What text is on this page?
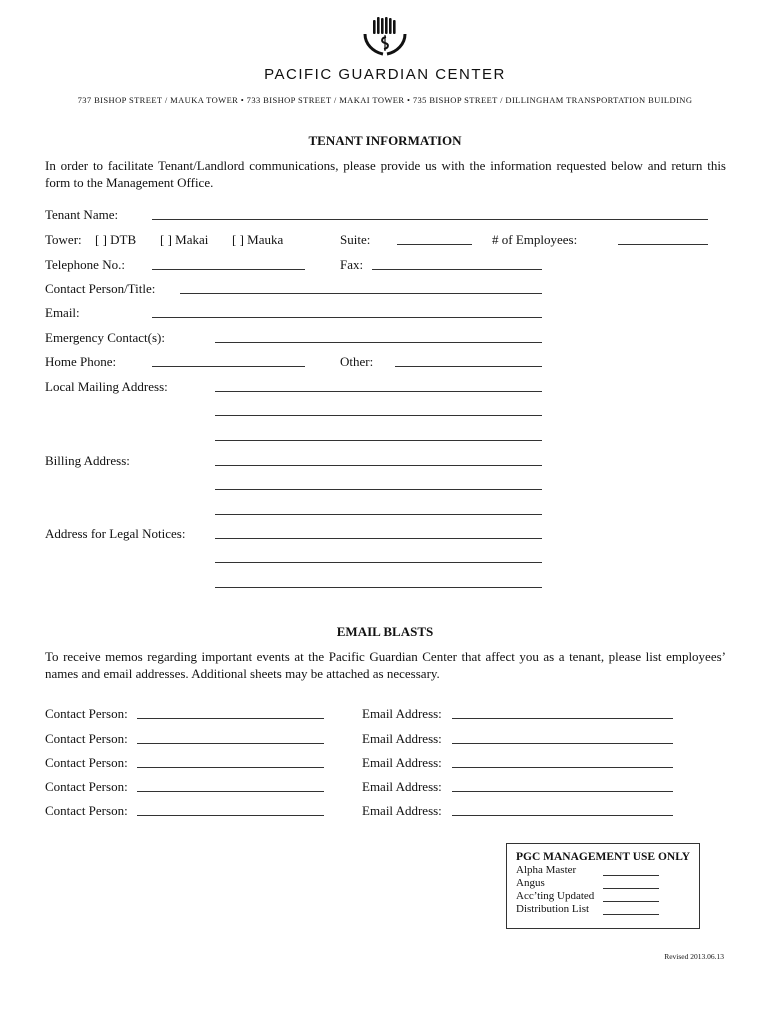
PACIFIC GUARDIAN CENTER
737 BISHOP STREET / MAUKA TOWER • 733 BISHOP STREET / MAKAI TOWER • 735 BISHOP STREET / DILLINGHAM TRANSPORTATION BUILDING
TENANT INFORMATION
In order to facilitate Tenant/Landlord communications, please provide us with the information requested below and return this form to the Management Office.
Tenant Name:
Tower: [ ] DTB [ ] Makai [ ] Mauka	Suite:	# of Employees:
Telephone No.:	Fax:
Contact Person/Title:
Email:
Emergency Contact(s):
Home Phone:	Other:
Local Mailing Address:
Billing Address:
Address for Legal Notices:
EMAIL BLASTS
To receive memos regarding important events at the Pacific Guardian Center that affect you as a tenant, please list employees’ names and email addresses. Additional sheets may be attached as necessary.
Contact Person:	Email Address:
Contact Person:	Email Address:
Contact Person:	Email Address:
Contact Person:	Email Address:
Contact Person:	Email Address:
PGC MANAGEMENT USE ONLY
Alpha Master
Angus
Acc’ting Updated
Distribution List
Revised 2013.06.13
